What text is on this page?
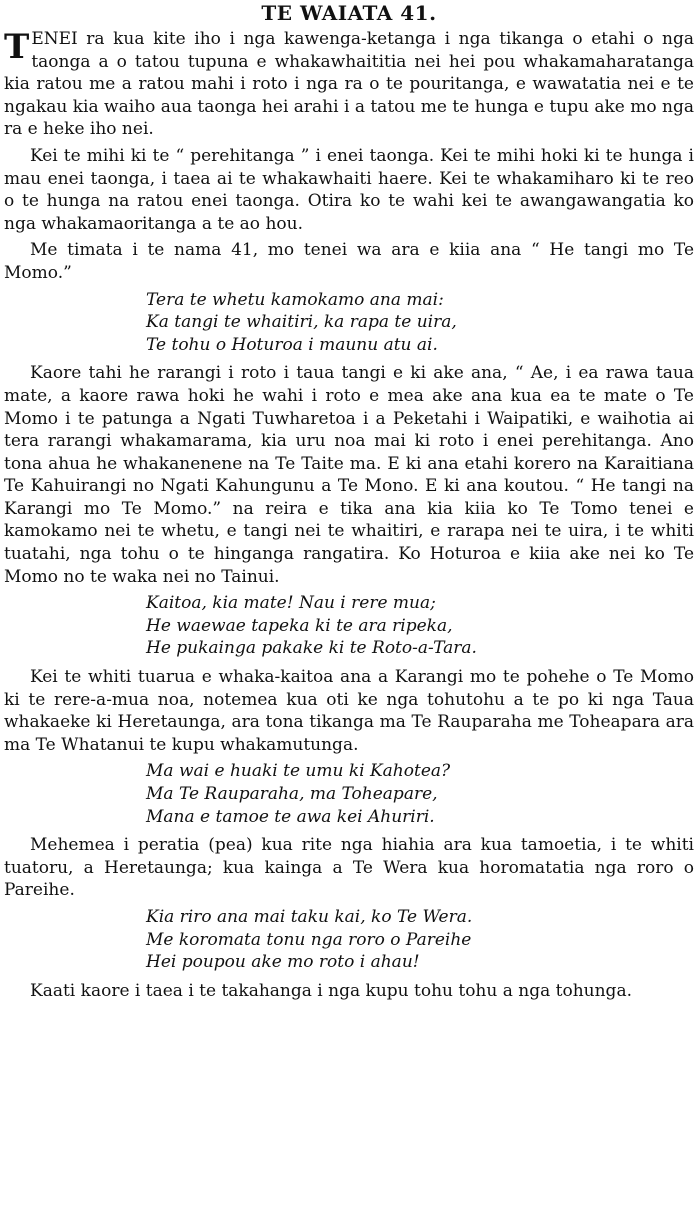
TE WAIATA 41.

TENEI ra kua kite iho i nga kawenga-ketanga i nga tikanga o etahi o nga taonga a o tatou tupuna e whakawhaititia nei hei pou whakamaharatanga kia ratou me a ratou mahi i roto i nga ra o te pouritanga, e wawatatia nei e te ngakau kia waiho aua taonga hei arahi i a tatou me te hunga e tupu ake mo nga ra e heke iho nei.

Kei te mihi ki te “ perehitanga ” i enei taonga. Kei te mihi hoki ki te hunga i mau enei taonga, i taea ai te whakawhaiti haere. Kei te whakamiharo ki te reo o te hunga na ratou enei taonga. Otira ko te wahi kei te awangawangatia ko nga whakamaoritanga a te ao hou.

Me timata i te nama 41, mo tenei wa ara e kiia ana “ He tangi mo Te Momo.”

Tera te whetu kamokamo ana mai:
Ka tangi te whaitiri, ka rapa te uira,
Te tohu o Hoturoa i maunu atu ai.

Kaore tahi he rarangi i roto i taua tangi e ki ake ana, “ Ae, i ea rawa taua mate, a kaore rawa hoki he wahi i roto e mea ake ana kua ea te mate o Te Momo i te patunga a Ngati Tuwharetoa i a Peketahi i Waipatiki, e waihotia ai tera rarangi whakamarama, kia uru noa mai ki roto i enei perehitanga. Ano tona ahua he whakanenene na Te Taite ma. E ki ana etahi korero na Karaitiana Te Kahuirangi no Ngati Kahungunu a Te Mono. E ki ana koutou. “ He tangi na Karangi mo Te Momo.” na reira e tika ana kia kiia ko Te Tomo tenei e kamokamo nei te whetu, e tangi nei te whaitiri, e rarapa nei te uira, i te whiti tuatahi, nga tohu o te hinganga rangatira. Ko Hoturoa e kiia ake nei ko Te Momo no te waka nei no Tainui.

Kaitoa, kia mate! Nau i rere mua;
He waewae tapeka ki te ara ripeka,
He pukainga pakake ki te Roto-a-Tara.

Kei te whiti tuarua e whaka-kaitoa ana a Karangi mo te pohehe o Te Momo ki te rere-a-mua noa, notemea kua oti ke nga tohutohu a te po ki nga Taua whakaeke ki Heretaunga, ara tona tikanga ma Te Rauparaha me Toheapara ara ma Te Whatanui te kupu whakamutunga.

Ma wai e huaki te umu ki Kahotea?
Ma Te Rauparaha, ma Toheapare,
Mana e tamoe te awa kei Ahuriri.

Mehemea i peratia (pea) kua rite nga hiahia ara kua tamoetia, i te whiti tuatoru, a Heretaunga; kua kainga a Te Wera kua horomatatia nga roro o Pareihe.

Kia riro ana mai taku kai, ko Te Wera.
Me koromata tonu nga roro o Pareihe
Hei poupou ake mo roto i ahau!

Kaati kaore i taea i te takahanga i nga kupu tohu tohu a nga tohunga.
